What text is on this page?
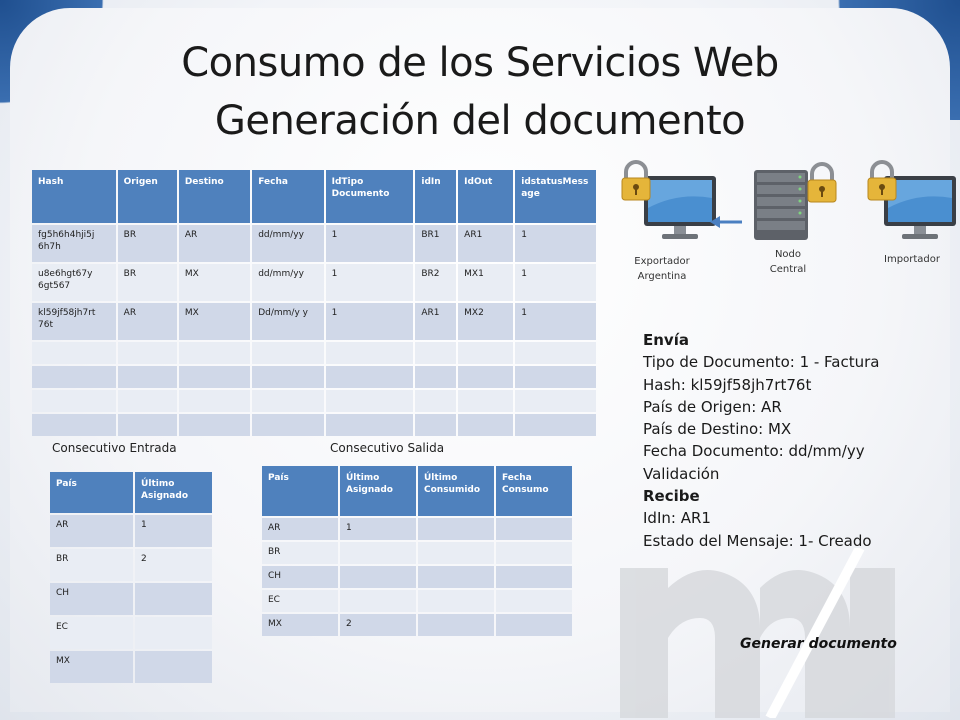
Consumo de los Servicios Web
Generación del documento
Hash	Origen	Destino	Fecha	IdTipo Documento	idIn	IdOut	idstatusMess age
fg5h6h4hji5j 6h7h	BR	AR	dd/mm/yy	1	BR1	AR1	1
u8e6hgt67y 6gt567	BR	MX	dd/mm/yy	1	BR2	MX1	1
kl59jf58jh7rt 76t	AR	MX	Dd/mm/y y	1	AR1	MX2	1

Consecutivo Entrada	Consecutivo Salida
País	Último Asignado
AR	1
BR	2
CH	
EC	
MX	
País	Último Asignado	Último Consumido	Fecha Consumo
AR	1		
BR			
CH			
EC			
MX	2		
Exportador Argentina
Nodo Central
Importador
Envía
Tipo de Documento: 1 - Factura
Hash: kl59jf58jh7rt76t
País de Origen: AR
País de Destino: MX
Fecha Documento: dd/mm/yy
Validación
Recibe
IdIn: AR1
Estado del Mensaje: 1- Creado
Generar documento
